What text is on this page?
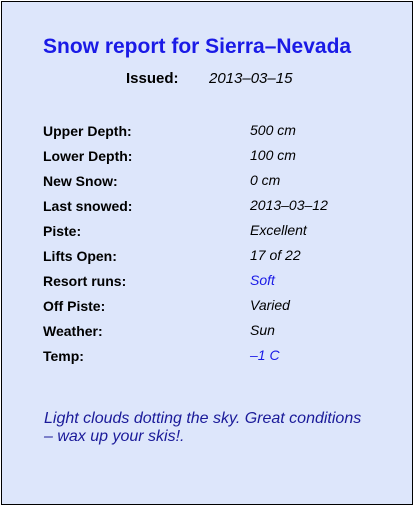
Snow report for Sierra–Nevada
Issued: 2013–03–15
Upper Depth:	500 cm
Lower Depth:	100 cm
New Snow:	0 cm
Last snowed:	2013–03–12
Piste:	Excellent
Lifts Open:	17 of 22
Resort runs:	Soft
Off Piste:	Varied
Weather:	Sun
Temp:	–1 C
Light clouds dotting the sky. Great conditions – wax up your skis!.
